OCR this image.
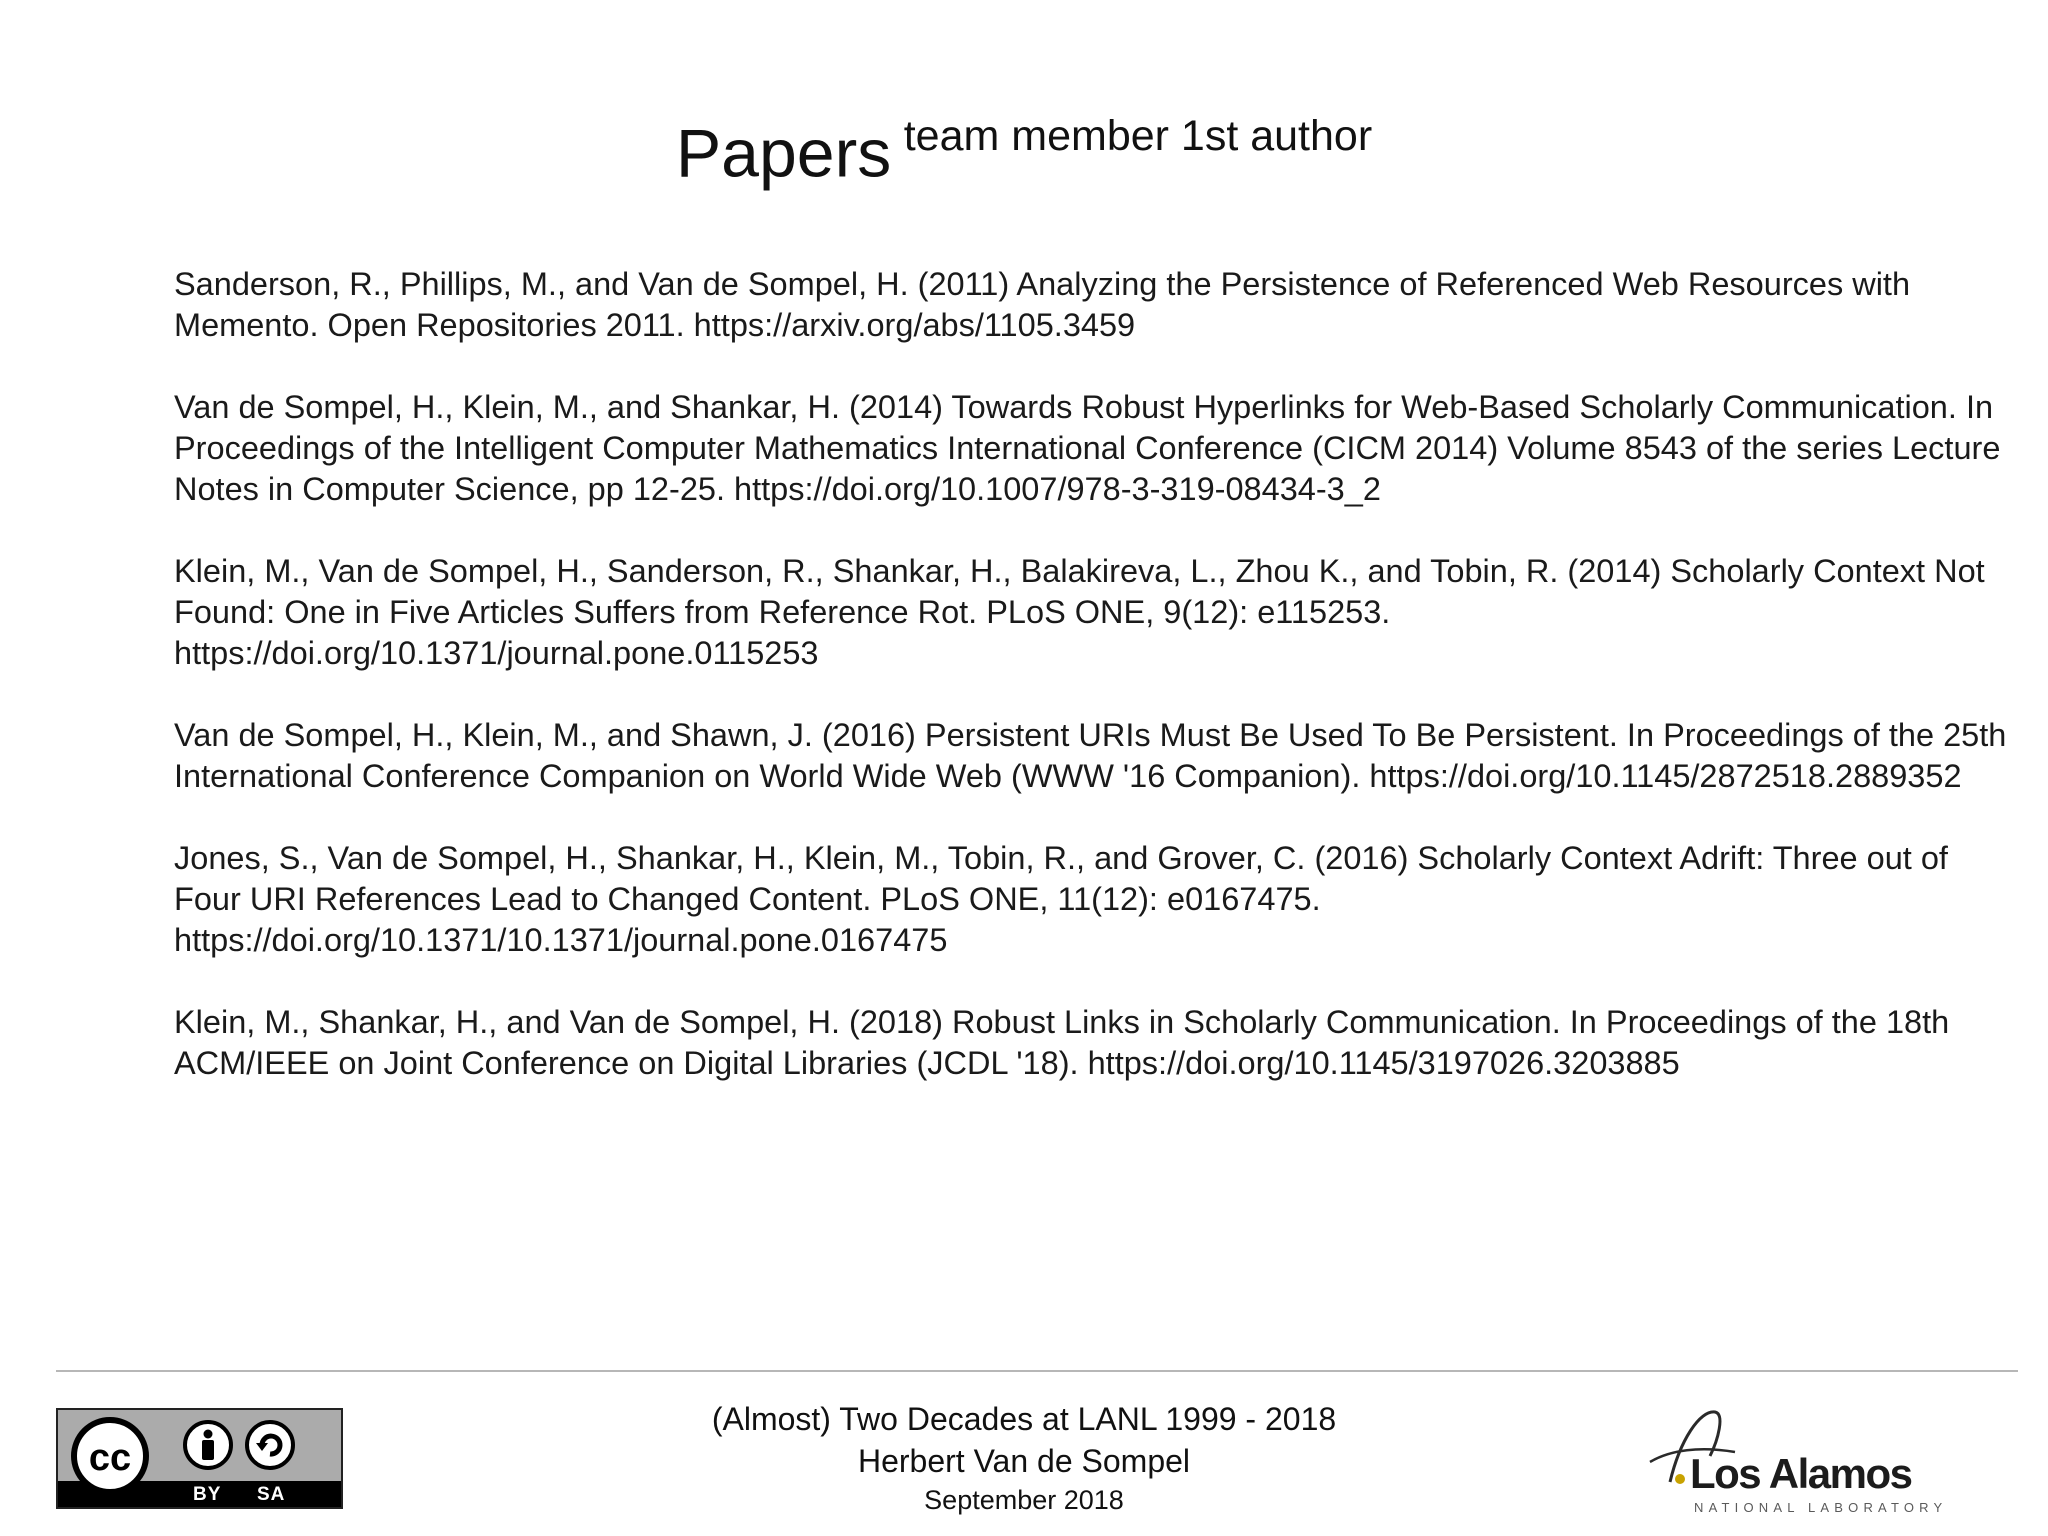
Papers team member 1st author

Sanderson, R., Phillips, M., and Van de Sompel, H. (2011) Analyzing the Persistence of Referenced Web Resources with Memento. Open Repositories 2011. https://arxiv.org/abs/1105.3459

Van de Sompel, H., Klein, M., and Shankar, H. (2014) Towards Robust Hyperlinks for Web-Based Scholarly Communication. In Proceedings of the Intelligent Computer Mathematics International Conference (CICM 2014) Volume 8543 of the series Lecture Notes in Computer Science, pp 12-25. https://doi.org/10.1007/978-3-319-08434-3_2

Klein, M., Van de Sompel, H., Sanderson, R., Shankar, H., Balakireva, L., Zhou K., and Tobin, R. (2014) Scholarly Context Not Found: One in Five Articles Suffers from Reference Rot. PLoS ONE, 9(12): e115253. https://doi.org/10.1371/journal.pone.0115253

Van de Sompel, H., Klein, M., and Shawn, J. (2016) Persistent URIs Must Be Used To Be Persistent. In Proceedings of the 25th International Conference Companion on World Wide Web (WWW '16 Companion). https://doi.org/10.1145/2872518.2889352

Jones, S., Van de Sompel, H., Shankar, H., Klein, M., Tobin, R., and Grover, C. (2016) Scholarly Context Adrift: Three out of Four URI References Lead to Changed Content. PLoS ONE, 11(12): e0167475. https://doi.org/10.1371/10.1371/journal.pone.0167475

Klein, M., Shankar, H., and Van de Sompel, H. (2018) Robust Links in Scholarly Communication. In Proceedings of the 18th ACM/IEEE on Joint Conference on Digital Libraries (JCDL '18). https://doi.org/10.1145/3197026.3203885

cc
BY SA
(Almost) Two Decades at LANL 1999 - 2018
Herbert Van de Sompel
September 2018
Los Alamos
NATIONAL LABORATORY
